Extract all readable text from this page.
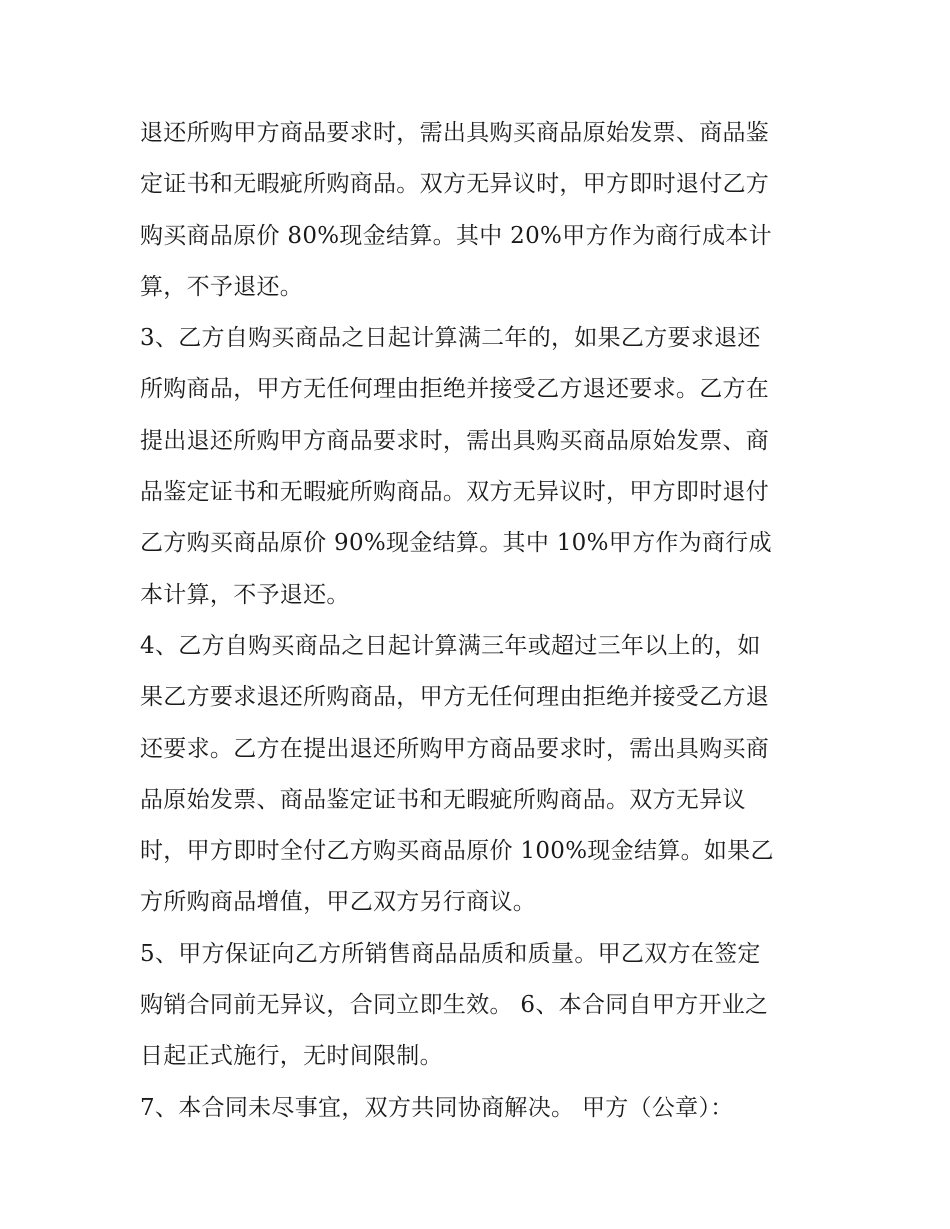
退还所购甲方商品要求时，需出具购买商品原始发票、商品鉴
定证书和无暇疵所购商品。双方无异议时，甲方即时退付乙方
购买商品原价 80%现金结算。其中 20%甲方作为商行成本计
算，不予退还。
3、乙方自购买商品之日起计算满二年的，如果乙方要求退还
所购商品，甲方无任何理由拒绝并接受乙方退还要求。乙方在
提出退还所购甲方商品要求时，需出具购买商品原始发票、商
品鉴定证书和无暇疵所购商品。双方无异议时，甲方即时退付
乙方购买商品原价 90%现金结算。其中 10%甲方作为商行成
本计算，不予退还。
4、乙方自购买商品之日起计算满三年或超过三年以上的，如
果乙方要求退还所购商品，甲方无任何理由拒绝并接受乙方退
还要求。乙方在提出退还所购甲方商品要求时，需出具购买商
品原始发票、商品鉴定证书和无暇疵所购商品。双方无异议
时，甲方即时全付乙方购买商品原价 100%现金结算。如果乙
方所购商品增值，甲乙双方另行商议。
5、甲方保证向乙方所销售商品品质和质量。甲乙双方在签定
购销合同前无异议，合同立即生效。 6、本合同自甲方开业之
日起正式施行，无时间限制。
7、本合同未尽事宜，双方共同协商解决。 甲方（公章）：
